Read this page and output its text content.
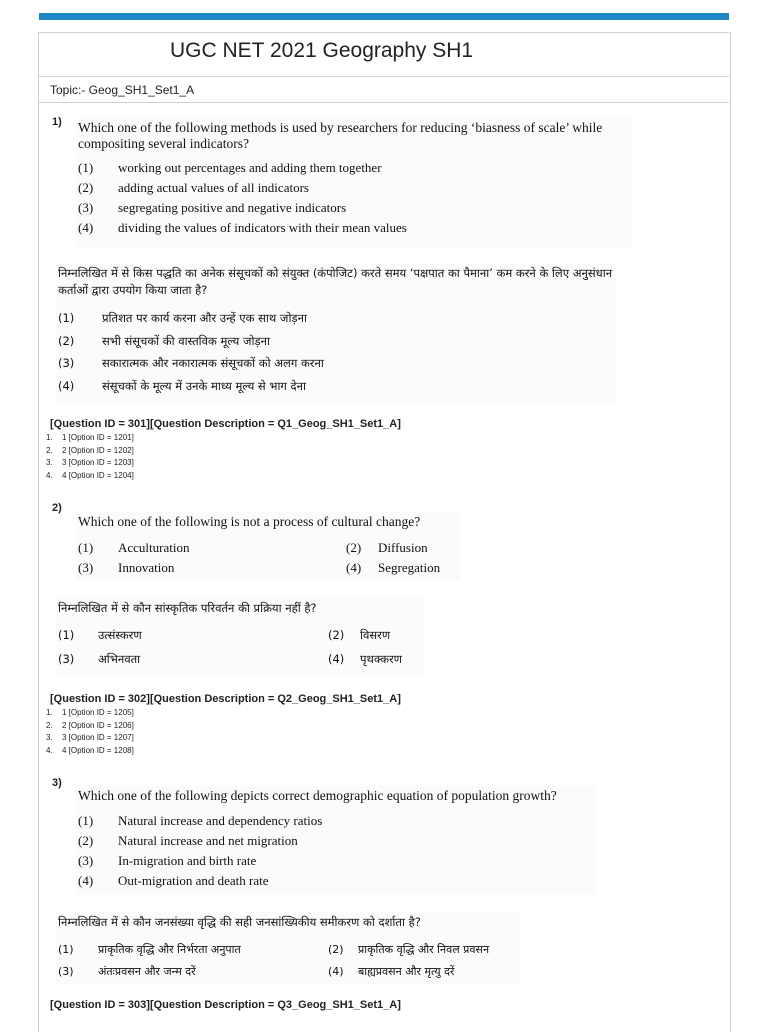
UGC NET 2021 Geography SH1
Topic:- Geog_SH1_Set1_A
1) Which one of the following methods is used by researchers for reducing ‘biasness of scale’ while compositing several indicators?
(1) working out percentages and adding them together
(2) adding actual values of all indicators
(3) segregating positive and negative indicators
(4) dividing the values of indicators with their mean values
निम्नलिखित में से किस पद्धति का अनेक संसूचकों को संयुक्त (कंपोजिट) करते समय ‘पक्षपात का पैमाना’ कम करने के लिए अनुसंधान कर्ताओं द्वारा उपयोग किया जाता है?
(1) प्रतिशत पर कार्य करना और उन्हें एक साथ जोड़ना
(2) सभी संसूचकों की वास्तविक मूल्य जोड़ना
(3) सकारात्मक और नकारात्मक संसूचकों को अलग करना
(4) संसूचकों के मूल्य में उनके माध्य मूल्य से भाग देना
[Question ID = 301][Question Description = Q1_Geog_SH1_Set1_A]
1. 1 [Option ID = 1201]
2. 2 [Option ID = 1202]
3. 3 [Option ID = 1203]
4. 4 [Option ID = 1204]
2)
Which one of the following is not a process of cultural change?
(1) Acculturation	(2) Diffusion
(3) Innovation	(4) Segregation
निम्नलिखित में से कौन सांस्कृतिक परिवर्तन की प्रक्रिया नहीं है?
(1) उत्संस्करण	(2) विसरण
(3) अभिनवता	(4) पृथक्करण
[Question ID = 302][Question Description = Q2_Geog_SH1_Set1_A]
1. 1 [Option ID = 1205]
2. 2 [Option ID = 1206]
3. 3 [Option ID = 1207]
4. 4 [Option ID = 1208]
3)
Which one of the following depicts correct demographic equation of population growth?
(1) Natural increase and dependency ratios
(2) Natural increase and net migration
(3) In-migration and birth rate
(4) Out-migration and death rate
निम्नलिखित में से कौन जनसंख्या वृद्धि की सही जनसांख्यिकीय समीकरण को दर्शाता है?
(1) प्राकृतिक वृद्धि और निर्भरता अनुपात	(2) प्राकृतिक वृद्धि और निवल प्रवसन
(3) अंतःप्रवसन और जन्म दरें	(4) बाह्यप्रवसन और मृत्यु दरें
[Question ID = 303][Question Description = Q3_Geog_SH1_Set1_A]
